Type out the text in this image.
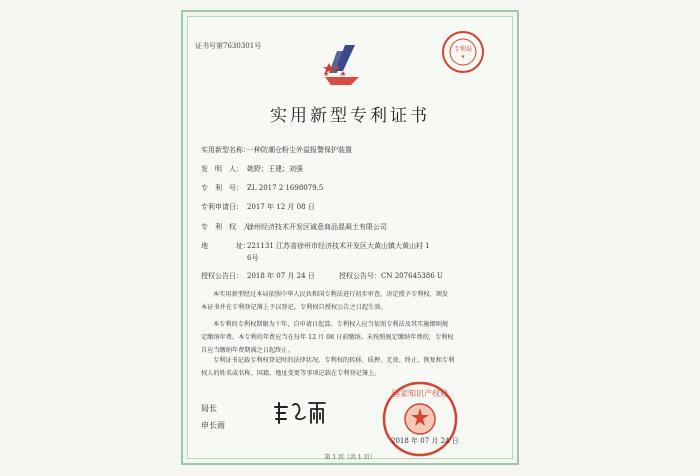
证书号第7630301号	专利局
★
实用新型专利证书
实用新型名称：一种防潮仓粉尘外溢报警保护装置
发　明　人： 姚野；王建；刘强
专　利　号： ZL 2017 2 1698079.5
专利申请日： 2017 年 12 月 08 日
专　利　权　人：徐州经济技术开发区诚意商品混凝土有限公司
地　　　　址：221131 江苏省徐州市经济技术开发区大黄山镇大黄山村 1
6号
授权公告日： 2018 年 07 月 24 日	授权公告号：CN 207645386 U
本实用新型经过本局依照中华人民共和国专利法进行初步审查，决定授予专利权，颁发
本证书并在专利登记簿上予以登记。专利权自授权公告之日起生效。
本专利的专利权期限为十年，自申请日起算。专利权人应当依照专利法及其实施细则规
定缴纳年费。本专利的年费应当在每年 12 月 08 日前缴纳。未按照规定缴纳年费的，专利权
自应当缴纳年费期满之日起终止。
专利证书记载专利权登记时的法律状况。专利权的转移、质押、无效、终止、恢复和专利
权人的姓名或名称、国籍、地址变更等事项记载在专利登记簿上。
局长
申长雨
国家知识产权局
2018 年 07 月 24 日
第 1 页（共 1 页）
